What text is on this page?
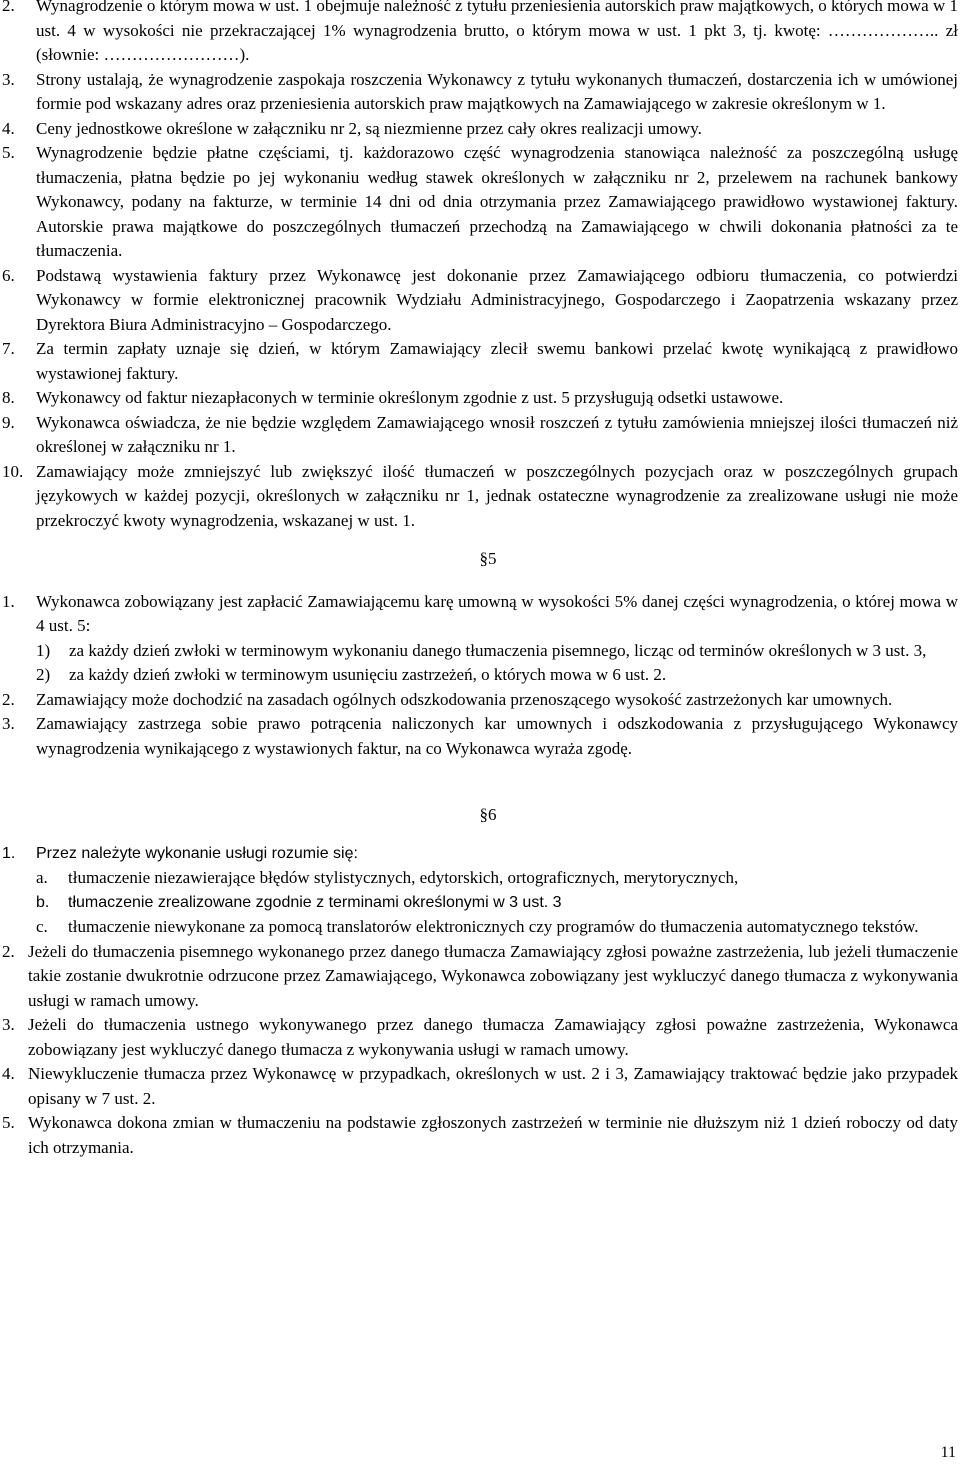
2. Wynagrodzenie o którym mowa w ust. 1 obejmuje należność z tytułu przeniesienia autorskich praw majątkowych, o których mowa w 1 ust. 4 w wysokości nie przekraczającej 1% wynagrodzenia brutto, o którym mowa w ust. 1 pkt 3, tj. kwotę: ……………….. zł (słownie: ……………………).
3. Strony ustalają, że wynagrodzenie zaspokaja roszczenia Wykonawcy z tytułu wykonanych tłumaczeń, dostarczenia ich w umówionej formie pod wskazany adres oraz przeniesienia autorskich praw majątkowych na Zamawiającego w zakresie określonym w 1.
4. Ceny jednostkowe określone w załączniku nr 2, są niezmienne przez cały okres realizacji umowy.
5. Wynagrodzenie będzie płatne częściami, tj. każdorazowo część wynagrodzenia stanowiąca należność za poszczególną usługę tłumaczenia, płatna będzie po jej wykonaniu według stawek określonych w załączniku nr 2, przelewem na rachunek bankowy Wykonawcy, podany na fakturze, w terminie 14 dni od dnia otrzymania przez Zamawiającego prawidłowo wystawionej faktury. Autorskie prawa majątkowe do poszczególnych tłumaczeń przechodzą na Zamawiającego w chwili dokonania płatności za te tłumaczenia.
6. Podstawą wystawienia faktury przez Wykonawcę jest dokonanie przez Zamawiającego odbioru tłumaczenia, co potwierdzi Wykonawcy w formie elektronicznej pracownik Wydziału Administracyjnego, Gospodarczego i Zaopatrzenia wskazany przez Dyrektora Biura Administracyjno – Gospodarczego.
7. Za termin zapłaty uznaje się dzień, w którym Zamawiający zlecił swemu bankowi przelać kwotę wynikającą z prawidłowo wystawionej faktury.
8. Wykonawcy od faktur niezapłaconych w terminie określonym zgodnie z ust. 5 przysługują odsetki ustawowe.
9. Wykonawca oświadcza, że nie będzie względem Zamawiającego wnosił roszczeń z tytułu zamówienia mniejszej ilości tłumaczeń niż określonej w załączniku nr 1.
10. Zamawiający może zmniejszyć lub zwiększyć ilość tłumaczeń w poszczególnych pozycjach oraz w poszczególnych grupach językowych w każdej pozycji, określonych w załączniku nr 1, jednak ostateczne wynagrodzenie za zrealizowane usługi nie może przekroczyć kwoty wynagrodzenia, wskazanej w ust. 1.
§5
1. Wykonawca zobowiązany jest zapłacić Zamawiającemu karę umowną w wysokości 5% danej części wynagrodzenia, o której mowa w 4 ust. 5:
1) za każdy dzień zwłoki w terminowym wykonaniu danego tłumaczenia pisemnego, licząc od terminów określonych w 3 ust. 3,
2) za każdy dzień zwłoki w terminowym usunięciu zastrzeżeń, o których mowa w 6 ust. 2.
2. Zamawiający może dochodzić na zasadach ogólnych odszkodowania przenoszącego wysokość zastrzeżonych kar umownych.
3. Zamawiający zastrzega sobie prawo potrącenia naliczonych kar umownych i odszkodowania z przysługującego Wykonawcy wynagrodzenia wynikającego z wystawionych faktur, na co Wykonawca wyraża zgodę.
§6
1. Przez należyte wykonanie usługi rozumie się:
a. tłumaczenie niezawierające błędów stylistycznych, edytorskich, ortograficznych, merytorycznych,
b. tłumaczenie zrealizowane zgodnie z terminami określonymi w 3 ust. 3
c. tłumaczenie niewykonane za pomocą translatorów elektronicznych czy programów do tłumaczenia automatycznego tekstów.
2. Jeżeli do tłumaczenia pisemnego wykonanego przez danego tłumacza Zamawiający zgłosi poważne zastrzeżenia, lub jeżeli tłumaczenie takie zostanie dwukrotnie odrzucone przez Zamawiającego, Wykonawca zobowiązany jest wykluczyć danego tłumacza z wykonywania usługi w ramach umowy.
3. Jeżeli do tłumaczenia ustnego wykonywanego przez danego tłumacza Zamawiający zgłosi poważne zastrzeżenia, Wykonawca zobowiązany jest wykluczyć danego tłumacza z wykonywania usługi w ramach umowy.
4. Niewykluczenie tłumacza przez Wykonawcę w przypadkach, określonych w ust. 2 i 3, Zamawiający traktować będzie jako przypadek opisany w 7 ust. 2.
5. Wykonawca dokona zmian w tłumaczeniu na podstawie zgłoszonych zastrzeżeń w terminie nie dłuższym niż 1 dzień roboczy od daty ich otrzymania.
11
